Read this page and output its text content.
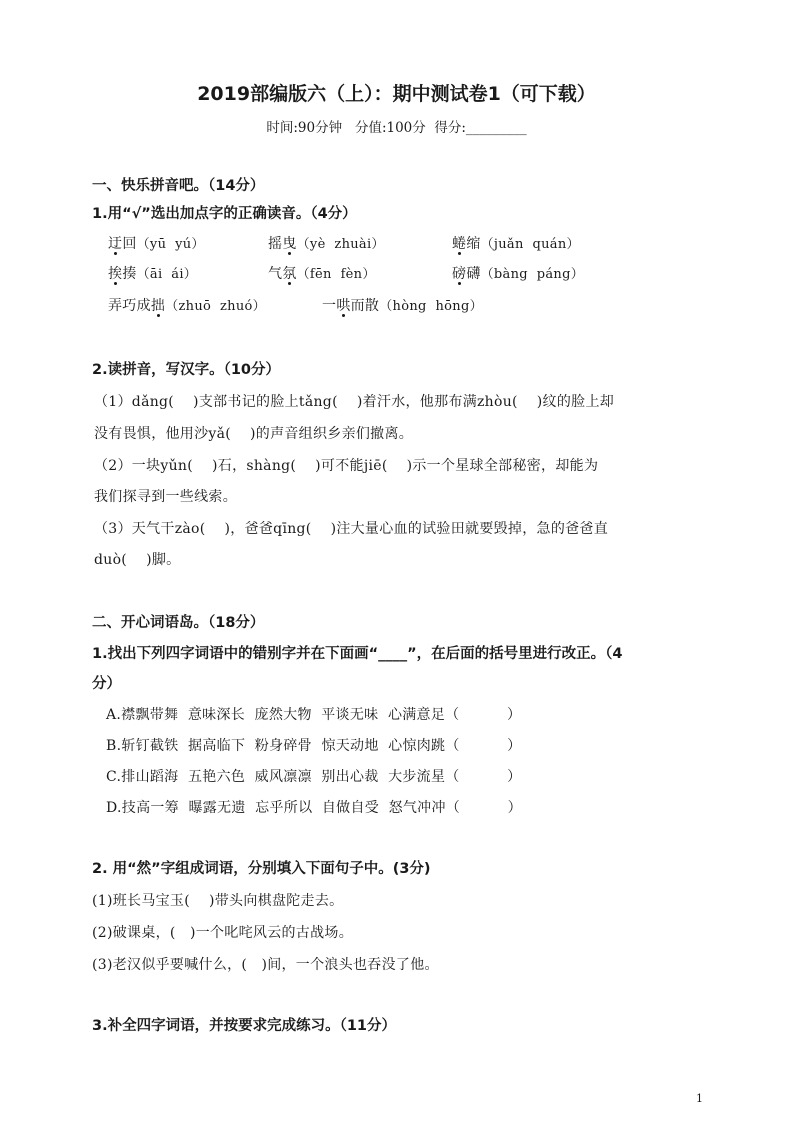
2019部编版六（上）：期中测试卷1（可下载）
时间:90分钟   分值:100分  得分:_________
一、快乐拼音吧。（14分）
1.用“√”选出加点字的正确读音。（4分）
迂回（yū  yú）	摇曳（yè  zhuài）	蜷缩（juǎn  quán）
挨揍（āi  ái）	气氛（fēn  fèn）	磅礴（bàng  páng）
弄巧成拙（zhuō  zhuó）	一哄而散（hòng  hōng）
2.读拼音，写汉字。（10分）
（1）dǎng(    )支部书记的脸上tǎng(    )着汗水，他那布满zhòu(    )纹的脸上却
没有畏惧，他用沙yǎ(    )的声音组织乡亲们撤离。
（2）一块yǔn(    )石，shàng(    )可不能jiē(    )示一个星球全部秘密，却能为
我们探寻到一些线索。
（3）天气干zào(    )，爸爸qīng(    )注大量心血的试验田就要毁掉，急的爸爸直
duò(    )脚。
二、开心词语岛。（18分）
1.找出下列四字词语中的错别字并在下面画“____”，在后面的括号里进行改正。（4
分）
A.襟飘带舞  意味深长  庞然大物  平谈无味  心满意足（          ）
B.斩钉截铁  据高临下  粉身碎骨  惊天动地  心惊肉跳（          ）
C.排山蹈海  五艳六色  威风凛凛  别出心裁  大步流星（          ）
D.技高一筹  曝露无遗  忘乎所以  自做自受  怒气冲冲（          ）
2. 用“然”字组成词语，分别填入下面句子中。(3分)
(1)班长马宝玉(    )带头向棋盘陀走去。
(2)破课桌，(   )一个叱咤风云的古战场。
(3)老汉似乎要喊什么，(   )间，一个浪头也吞没了他。
3.补全四字词语，并按要求完成练习。（11分）
1
